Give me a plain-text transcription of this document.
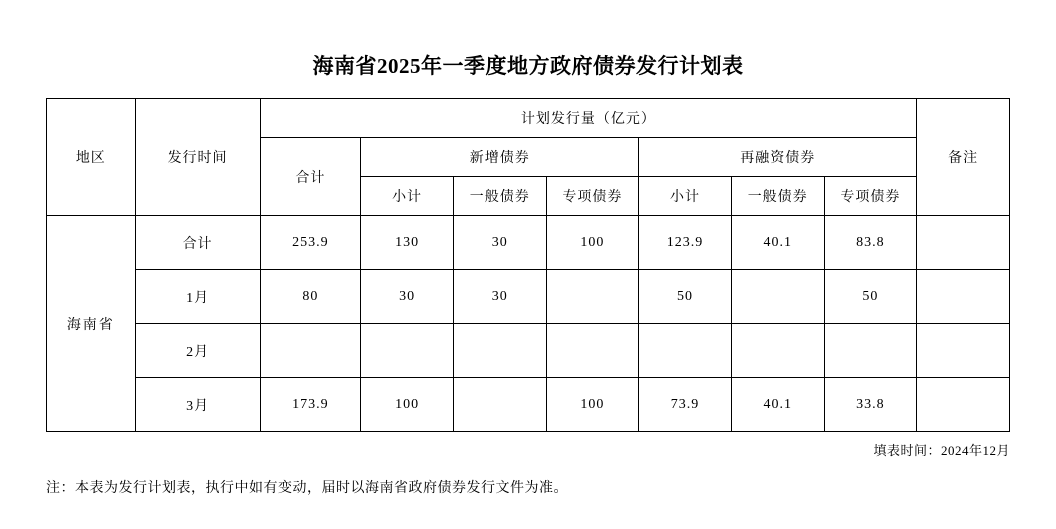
海南省2025年一季度地方政府债券发行计划表
地区	发行时间	计划发行量（亿元）							备注
		合计	新增债券			再融资债券			
			小计	一般债券	专项债券	小计	一般债券	专项债券	
海南省	合计	253.9	130	30	100	123.9	40.1	83.8	
	1月	80	30	30		50		50	
	2月								
	3月	173.9	100		100	73.9	40.1	33.8	
填表时间：2024年12月
注：本表为发行计划表，执行中如有变动，届时以海南省政府债券发行文件为准。
